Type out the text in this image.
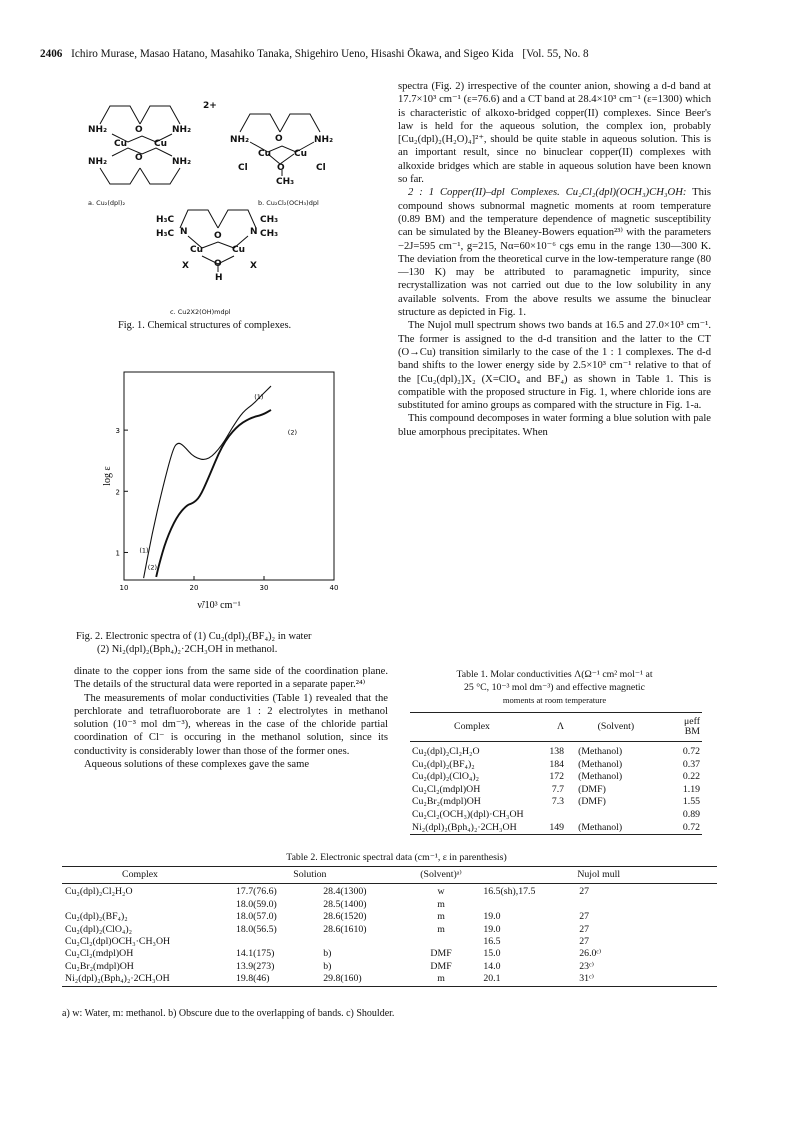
2406 Ichiro Murase, Masao Hatano, Masahiko Tanaka, Shigehiro Ueno, Hisashi Ōkawa, and Sigeo Kida [Vol. 55, No. 8
2+
NH₂	NH₂
O
Cu	Cu
O
NH₂	NH₂
NH₂	NH₂
O
Cu	Cu
Cl	Cl
O
CH₃
H₃C
H₃C N	N
CH₃
CH₃
O
Cu	Cu
X	X
O
H
a. Cu₂(dpl)₂	b. Cu₂Cl₂(OCH₃)dpl
c. Cu2X2(OH)mdpl
Fig. 1. Chemical structures of complexes.
10	20	30	40
1
2
3
log ε
ν̃/10³ cm⁻¹
(1)
(2)
(1)
(2)
Fig. 2. Electronic spectra of (1) Cu₂(dpl)₂(BF₄)₂ in water
(2) Ni₂(dpl)₂(Bph₄)₂·2CH₃OH in methanol.

dinate to the copper ions from the same side of the coordination plane. The details of the structural data were reported in a separate paper.²⁴⁾

The measurements of molar conductivities (Table 1) revealed that the perchlorate and tetrafluoroborate are 1 : 2 electrolytes in methanol solution (10⁻³ mol dm⁻³), whereas in the case of the chloride partial coordination of Cl⁻ is occuring in the methanol solution, since its conductivity is considerably lower than those of the former ones.

Aqueous solutions of these complexes gave the same

spectra (Fig. 2) irrespective of the counter anion, showing a d-d band at 17.7×10³ cm⁻¹ (ε=76.6) and a CT band at 28.4×10³ cm⁻¹ (ε=1300) which is characteristic of alkoxo-bridged copper(II) complexes. Since Beer's law is held for the aqueous solution, the complex ion, probably [Cu₂(dpl)₂(H₂O)₄]²⁺, should be quite stable in aqueous solution. This is an important result, since no binuclear copper(II) complexes with alkoxide bridges which are stable in aqueous solution have been known so far.

2 : 1 Copper(II)–dpl Complexes. Cu₂Cl₂(dpl)(OCH₃)CH₃OH: This compound shows subnormal magnetic moments at room temperature (0.89 BM) and the temperature dependence of magnetic susceptibility can be simulated by the Bleaney-Bowers equation²³⁾ with the parameters −2J=595 cm⁻¹, g=215, Nα=60×10⁻⁶ cgs emu in the range 130—300 K. The deviation from the theoretical curve in the low-temperature range (80—130 K) may be attributed to paramagnetic impurity, since recrystallization was not carried out due to the low solubility in any available solvents. From the above results we assume the binuclear structure as depicted in Fig. 1.

The Nujol mull spectrum shows two bands at 16.5 and 27.0×10³ cm⁻¹. The former is assigned to the d-d transition and the latter to the CT (O→Cu) transition similarly to the case of the 1 : 1 complexes. The d-d band shifts to the lower energy side by 2.5×10³ cm⁻¹ relative to that of the [Cu₂(dpl)₂]X₂ (X=ClO₄ and BF₄) as shown in Table 1. This is compatible with the proposed structure in Fig. 1, where chloride ions are substituted for amino groups as compared with the structure in Fig. 1-a.

This compound decomposes in water forming a blue solution with pale blue amorphous precipitates. When

Table 1. Molar conductivities Λ(Ω⁻¹ cm² mol⁻¹ at
25 °C, 10⁻³ mol dm⁻³) and effective magnetic
moments at room temperature
Complex	Λ	(Solvent)	μeff
BM
Cu₂(dpl)₂Cl₂H₂O	138	(Methanol)	0.72
Cu₂(dpl)₂(BF₄)₂	184	(Methanol)	0.37
Cu₂(dpl)₂(ClO₄)₂	172	(Methanol)	0.22
Cu₂Cl₂(mdpl)OH	7.7	(DMF)	1.19
Cu₂Br₂(mdpl)OH	7.3	(DMF)	1.55
Cu₂Cl₂(OCH₃)(dpl)·CH₃OH			0.89
Ni₂(dpl)₂(Bph₄)₂·2CH₃OH	149	(Methanol)	0.72
Table 2. Electronic spectral data (cm⁻¹, ε in parenthesis)
Complex	Solution		(Solvent)ᵃ⁾	Nujol mull	
Cu₂(dpl)₂Cl₂H₂O	17.7(76.6)	28.4(1300)	w	16.5(sh),17.5	27
	18.0(59.0)	28.5(1400)	m		
Cu₂(dpl)₂(BF₄)₂	18.0(57.0)	28.6(1520)	m	19.0	27
Cu₂(dpl)₂(ClO₄)₂	18.0(56.5)	28.6(1610)	m	19.0	27
Cu₂Cl₂(dpl)OCH₃·CH₃OH				16.5	27
Cu₂Cl₂(mdpl)OH	14.1(175)	b)	DMF	15.0	26.0ᶜ⁾
Cu₂Br₂(mdpl)OH	13.9(273)	b)	DMF	14.0	23ᶜ⁾
Ni₂(dpl)₂(Bph₄)₂·2CH₃OH	19.8(46)	29.8(160)	m	20.1	31ᶜ⁾
a) w: Water, m: methanol. b) Obscure due to the overlapping of bands. c) Shoulder.
